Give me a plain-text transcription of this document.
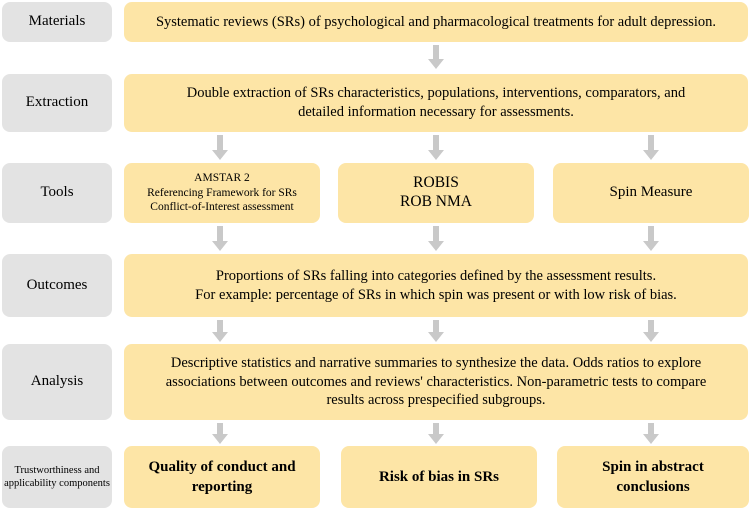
Materials
Extraction
Tools
Outcomes
Analysis
Trustworthiness and applicability components
Systematic reviews (SRs) of psychological and pharmacological treatments for adult depression.
Double extraction of SRs characteristics, populations, interventions, comparators, and detailed information necessary for assessments.
AMSTAR 2
Referencing Framework for SRs
Conflict-of-Interest assessment
ROBIS
ROB NMA
Spin Measure
Proportions of SRs falling into categories defined by the assessment results.
For example: percentage of SRs in which spin was present or with low risk of bias.
Descriptive statistics and narrative summaries to synthesize the data. Odds ratios to explore associations between outcomes and reviews' characteristics. Non-parametric tests to compare results across prespecified subgroups.
Quality of conduct and reporting
Risk of bias in SRs
Spin in abstract conclusions
